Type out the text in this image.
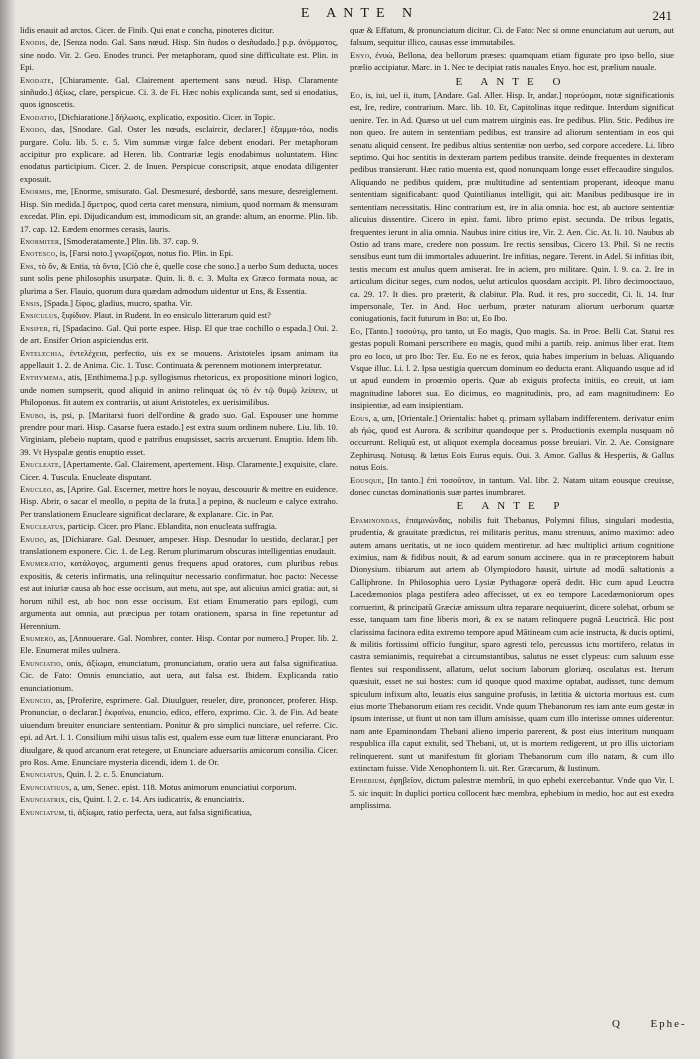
E ANTE N	241

lidis enauit ad arctos. Cicer. de Finib. Qui enat e concha, pinoteres dicitur.

Enodis, de, [Senza nodo. Gal. Sans nœud. Hisp. Sin ñudos o desñudado.] p.p. ἀνόμματος, sine nodo. Vir. 2. Geo. Enodes trunci. Per metaphoram, quod sine difficultate est. Plin. in Epi.

Enodate, [Chiaramente. Gal. Clairement apertement sans nœud. Hisp. Claramente sinñudo.] ἀξίως, clare, perspicue. Ci. 3. de Fi. Hæc nobis explicanda sunt, sed si enodatius, quos ignoscetis.

Enodatio, [Dichiaratione.] δήλωσις, explicatio, expositio. Cicer. in Topic.

Enodo, das, [Snodare. Gal. Oster les nœuds, esclaircir, declarer.] ἐξαμμα-τόω, nodis purgare. Colu. lib. 5. c. 5. Vim summæ virgæ falce debent enodari. Per metaphoram accipitur pro explicare. ad Heren. lib. Contrariæ legis enodabimus uoluntatem. Hinc enodatus participium. Cicer. 2. de Inuen. Perspicue conscripsit, atque enodata diligenter exposuit.

Enormis, me, [Enorme, smisurato. Gal. Desmesuré, desbordé, sans mesure, desreiglement. Hisp. Sin medida.] ἄμετρος, quod certa caret mensura, nimium, quod normam & mensuram excedat. Plin. epi. Dijudicandum est, immodicum sit, an grande: altum, an enorme. Plin. lib. 17. cap. 12. Eædem enormes cerasis, lauris.

Enormiter, [Smoderatamente.] Plin. lib. 37. cap. 9.

Enotesco, is, [Farsi noto.] γνωρίζομαι, notus fio. Plin. in Epi.

Ens, τὸ ὄν, & Entia, τὰ ὄντα, [Ciò che è, quelle cose che sono.] a uerbo Sum deducta, uoces sunt solis pene philosophis usurpatæ. Quin. li. 8. c. 3. Multa ex Græco formata noua, ac plurima a Ser. Flauio, quorum dura quædam admodum uidentur ut Ens, & Essentia.

Ensis, [Spada.] ξίφος, gladius, mucro, spatha. Vir.

Ensiculus, ξιφίδιον. Plaut. in Rudent. In eo ensiculo litterarum quid est?

Ensifer, ri, [Spadacino. Gal. Qui porte espee. Hisp. El que trae cochillo o espada.] Oui. 2. de art. Ensifer Orion aspiciendus erit.

Entelechia, ἐντελέχεια, perfectio, uis ex se mouens. Aristoteles ipsam animam ita appellauit 1. 2. de Anima. Cic. 1. Tusc. Continuata & perennem motionem interpretatur.

Enthymema, atis, [Enthimema.] p.p. syllogismus rhetoricus, ex propositione minori logico, unde nomen sumpserit, quod aliquid in animo relinquat ὡς τὸ ἐν τῷ θυμῷ λείπειν, ut Philoponus. fit autem ex contrariis, ut aiunt Aristoteles, ex uerisimilibus.

Enubo, is, psi, p. [Maritarsi fuori dell'ordine & grado suo. Gal. Espouser une homme prendre pour mari. Hisp. Casarse fuera estado.] est extra suum ordinem nubere. Liu. lib. 10. Virginiam, plebeio nuptam, quod e patribus enupsisset, sacris arcuerunt. Enuptio. Idem lib. 39. Vt Hyspalæ gentis enuptio esset.

Enucleate, [Apertamente. Gal. Clairement, apertement. Hisp. Claramente.] exquisite, clare. Cicer. 4. Tuscula. Enucleate disputant.

Enucleo, as, [Aprire. Gal. Escerner, mettre hors le noyau, descouurir & mettre en euidence. Hisp. Abrir, o sacar el meollo, o pepita de la fruta.] a pepino, & nucleum e calyce extraho. Per translationem Enucleare significat declarare, & explanare. Cic. in Par.

Enucleatus, particip. Cicer. pro Planc. Eblandita, non enucleata suffragia.

Enudo, as, [Dichiarare. Gal. Desnuer, ampeser. Hisp. Desnudar lo uestido, declarar.] per translationem exponere. Cic. 1. de Leg. Rerum plurimarum obscuras intelligentias enudauit.

Enumeratio, κατάλογος, argumenti genus frequens apud oratores, cum pluribus rebus expositis, & ceteris infirmatis, una relinquitur necessario confirmatur. hoc pacto: Necesse est aut iniuriæ causa ab hoc esse occisum, aut metu, aut spe, aut alicuius amici gratia: aut, si horum nihil est, ab hoc non esse occisum. Est etiam Enumeratio pars epilogi, cum argumenta aut omnia, aut præcipua per totam orationem, sparsa in fine repetuntur ad Herennium.

Enumero, as, [Annouerare. Gal. Nombrer, conter. Hisp. Contar por numero.] Proper. lib. 2. Ele. Enumerat miles uulnera.

Enunciatio, onis, ἀξίωμα, enunciatum, pronunciatum, oratio uera aut falsa significatiua. Cic. de Fato: Omnis enunciatio, aut uera, aut falsa est. Ibidem. Explicanda ratio enunciationum.

Enuncio, as, [Proferire, esprimere. Gal. Diuulguer, reueler, dire, prononcer, proferer. Hisp. Pronunciar, o declarar.] ἐκφαίνω, enuncio, edico, effero, exprimo. Cic. 3. de Fin. Ad beate uiuendum breuiter enunciare sententiam. Ponitur & pro simplici nunciare, uel referre. Cic. epi. ad Art. l. 1. Consilium mihi uisus talis est, qualem esse eum tuæ litteræ enunciarant. Pro diuulgare, & quod arcanum erat retegere, ut Enunciare aduersariis amicorum consilia. Cicer. pro Ros. Ame. Enunciare mysteria dicendi, idem 1. de Or.

Enunciatus, Quin. l. 2. c. 5. Enunciatum.

Enunciatiuus, a, um, Senec. epist. 118. Motus animorum enunciatiui corporum.

Enunciatrix, cis, Quint. l. 2. c. 14. Ars iudicatrix, & enunciatrix.

Enunciatum, ti, ἀξίωμα, ratio perfecta, uera, aut falsa significatiua,

quæ & Effatum, & pronunciatum dicitur. Ci. de Fato: Nec si omne enunciatum aut uerum, aut falsum, sequitur illico, causas esse immutabiles.

Enyo, ἐνυώ, Bellona, dea bellorum præses: quamquam etiam figurate pro ipso bello, siue prælio accipiatur. Marc. in 1. Nec te decipiat ratis nauales Enyo. hoc est, prælium nauale.

E ANTE O

Eo, is, iui, uel ii, itum, [Andare. Gal. Aller. Hisp. Ir, andar.] πορεύομαι, notæ significationis est, Ire, redire, contrarium. Marc. lib. 10. Et, Capitolinas itque reditque. Interdum significat uenire. Ter. in Ad. Quæso ut uel cum matrem uirginis eas. Ire pedibus. Plin. Stic. Pedibus ire non queo. Ire autem in sententiam pedibus, est transire ad aliorum sententiam in eos qui senatu aliquid censent. Ire pedibus altius sententiæ non uerbo, sed corpore accedere. Li. libro septimo. Qui hoc sentitis in dexteram partem pedibus transite. deinde frequentes in dexteram pedibus transierunt. Hæc ratio muenta est, quod nonunquam longe esset effecaudire singulos. Aliquando ne pedibus quidem, præ multitudine ad sententiam properant, ideoque manu sententiam significabant: quod Quintilianus intelligit, qui ait: Manibus pedibusque ire in sententiam necessitatis. Hinc contrarium est, ire in alia omnia. hoc est, ab auctore sententiæ alicuius dissentire. Cicero in epist. fami. libro primo epist. secunda. De tribus legatis, frequentes ierunt in alia omnia. Naubus inire citius ire, Vir. 2. Aen. Cic. At. li. 10. Naubus ab Ostio ad trans mare, credere non possum. Ire rectis sensibus, Cicero 13. Phil. Si ne rectis sensibus eunt tum dii immortales aduuerint. Ire infitias, negare. Terent. in Adel. Si infitias ibit, testis mecum est anulus quem amiserat. Ire in aciem, pro militare. Quin. l. 9. ca. 2. Ire in articulum dicitur seges, cum nodos, uelut articulos quosdam accipit. Pl. libro decimooctauo, ca. 29. 17. It dies. pro præterit, & clabitur. Pla. Rud. it res, pro succedit, Ci. li. 14. Itur impersonale, Ter. in And. Hoc uerbum, præter naturam aliorum uerborum quartæ coniugationis, facit futurum in Bo: ut, Eo Ibo.

Eo, [Tanto.] τοσούτῳ, pro tanto, ut Eo magis, Quo magis. Sa. in Proe. Belli Cat. Statui res gestas populi Romani perscribere eo magis, quod mihi a partib. reip. animus liber erat. Item pro eo loco, ut pro Ibo: Ter. Eu. Eo ne es ferox, quia habes imperium in beluas. Aliquando Vsque illuc. Li. l. 2. Ipsa uestigia quercum dominum eo deducta erant. Aliquando usque ad id ut apud eundem in proœmio operis. Quæ ab exiguis profecta initiis, eo creuit, ut iam magnitudine laboret sua. Eo dicimus, eo magnitudinis, pro, ad eam magnitudinem: Eo insipientiæ, ad eam insipientiam.

Eous, a, um, [Orientale.] Orientalis: habet q. primam syllabam indifferentem. derivatur enim ab ἠώς, quod est Aurora. & scribitur quandoque per s. Productionis exempla nusquam nō occurrunt. Reliquū est, ut aliquot exempla doceamus posse breuiari. Vir. 2. Ae. Consignare Zephirusq. Notusq. & lætus Eois Eurus equis. Oui. 3. Amor. Gallus & Hesperiis, & Gallus notus Eois.

Eousque, [In tanto.] ἐπὶ τοσοῦτον, in tantum. Val. libr. 2. Natam uitam eousque creuisse, donec cunctas dominationis suæ partes inumbraret.

E ANTE P

Epaminondas, ἐπαμινώνδας, nobilis fuit Thebanus, Polymni filius, singulari modestia, prudentia, & grauitate prædictus, rei militaris peritus, manu strenuus, animo maximo: adeo autem amans ueritatis, ut ne ioco quidem mentiretur. ad hæc multiplici artium cognitione eximius, nam & fidibus nouit, & ad earum sonum accinere. qua in re præceptorem habuit Dionysium. tibiarum aut artem ab Olympiodoro hausit, uirtute ad modū saltationis a Calliphrone. In Philosophia uero Lysiæ Pythagoræ operā dedit. Hic cum apud Leuctra Lacedæmonios plaga pestifera adeo affecisset, ut ex eo tempore Lacedæmoniorum opes corruerint, & principatū Græciæ amissum ultra reparare nequiuerint, dicere solebat, orbum se esse, tanquam tam fine liberis mori, & ex se natam relinquere pugnā Leuctricā. Hic post clarissima facinora edita extremo tempore apud Mātineam cum acie instructa, & ducis optimi, & militis fortissimi officio fungitur, sparo agresti telo, percussus ictu mortifero, relatus in castra semianimis, requirebat a circumstantibus, salutus ne esset clypeus: cum saluum esse flentes sui respondissent, allatum, uelut socium laborum gloriæq. osculatus est. Iterum quæsiuit, esset ne sui hostes: cum id quoque quod maxime optabat, audisset, tunc demum spiculum infixum alto, leuatis eius sanguine profusis, in lætitia & uictoria mortuus est. cum eius morte Thebanorum etiam res cecidit. Vnde quum Thebanorum res iam ante eum gestæ in ipsum interisse, ut fiunt ut non tam illum amisisse, quam cum illo interisse omnes uiderentur. nam ante Epaminondam Thebani alieno imperio parerent, & post eius interitum nunquam respublica illa caput extulit, sed Thebani, ut, ut is mortem redigerent, ut pro illis uictoriam relinquerent. sunt ut manifestum fit gloriam Thebanorum cum illo natam, & cum illo extinctam fuisse. Vide Xenophontem li. uit. Rer. Græcarum, & Iustinum.

Ephebium, ἐφηβεῖον, dictum palestræ membrū, in quo ephebi exercebantur. Vnde quo Vir. l. 5. sic inquit: In duplici porticu collocent hæc membra, ephebium in medio, hoc aut est exedra amplissima.

Q	Ephe-
